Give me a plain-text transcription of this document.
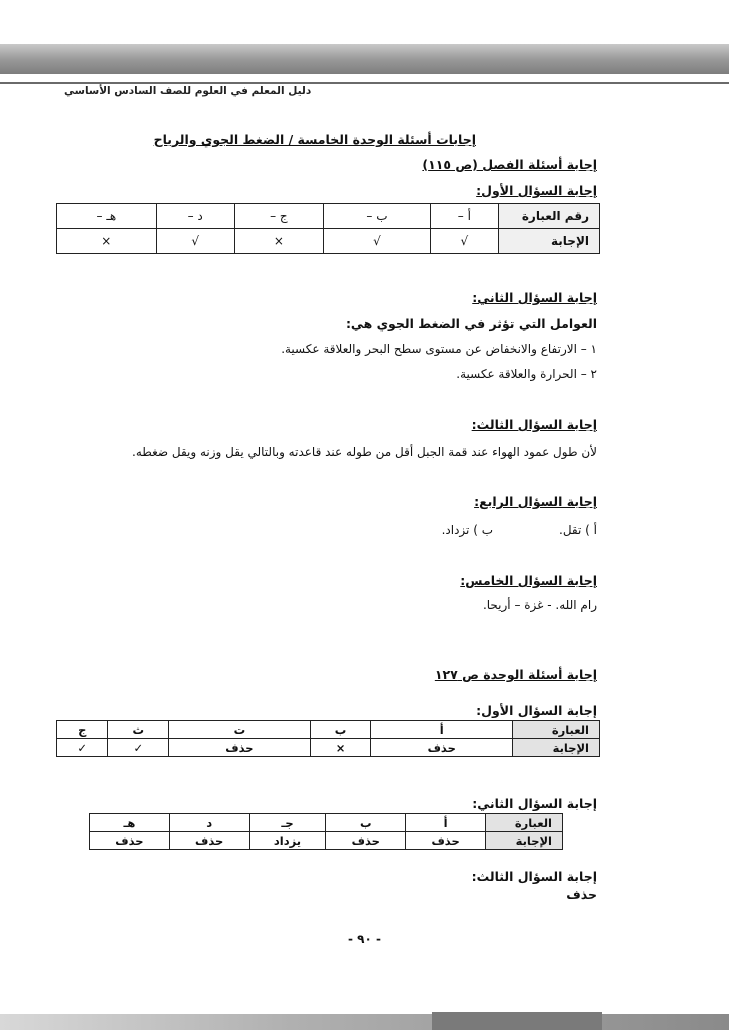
دليل المعلم في العلوم للصف السادس الأساسي
إجابات أسئلة الوحدة الخامسة / الضغط الجوي والرياح
إجابة أسئلة الفصل (ص ١١٥)
إجابة السؤال الأول:
رقم العبارة	أ –	ب –	ج –	د –	هـ –
الإجابة	√	√	×	√	×
إجابة السؤال الثاني:
العوامل التي تؤثر في الضغط الجوي هي:
١ – الارتفاع والانخفاض عن مستوى سطح البحر والعلاقة عكسية.
٢ – الحرارة والعلاقة عكسية.
إجابة السؤال الثالث:
لأن طول عمود الهواء عند قمة الجبل أقل من طوله عند قاعدته وبالتالي يقل وزنه ويقل ضغطه.
إجابة السؤال الرابع:
أ ) تقل.
ب ) تزداد.
إجابة السؤال الخامس:
رام الله. - غزة – أريحا.
إجابة أسئلة الوحدة ص ١٢٧
إجابة السؤال الأول:
العبارة	أ	ب	ت	ث	ج
الإجابة	حذف	×	حذف	✓	✓
إجابة السؤال الثاني:
العبارة	أ	ب	جـ	د	هـ
الإجابة	حذف	حذف	يزداد	حذف	حذف
إجابة السؤال الثالث:
حذف
- ٩٠ -
